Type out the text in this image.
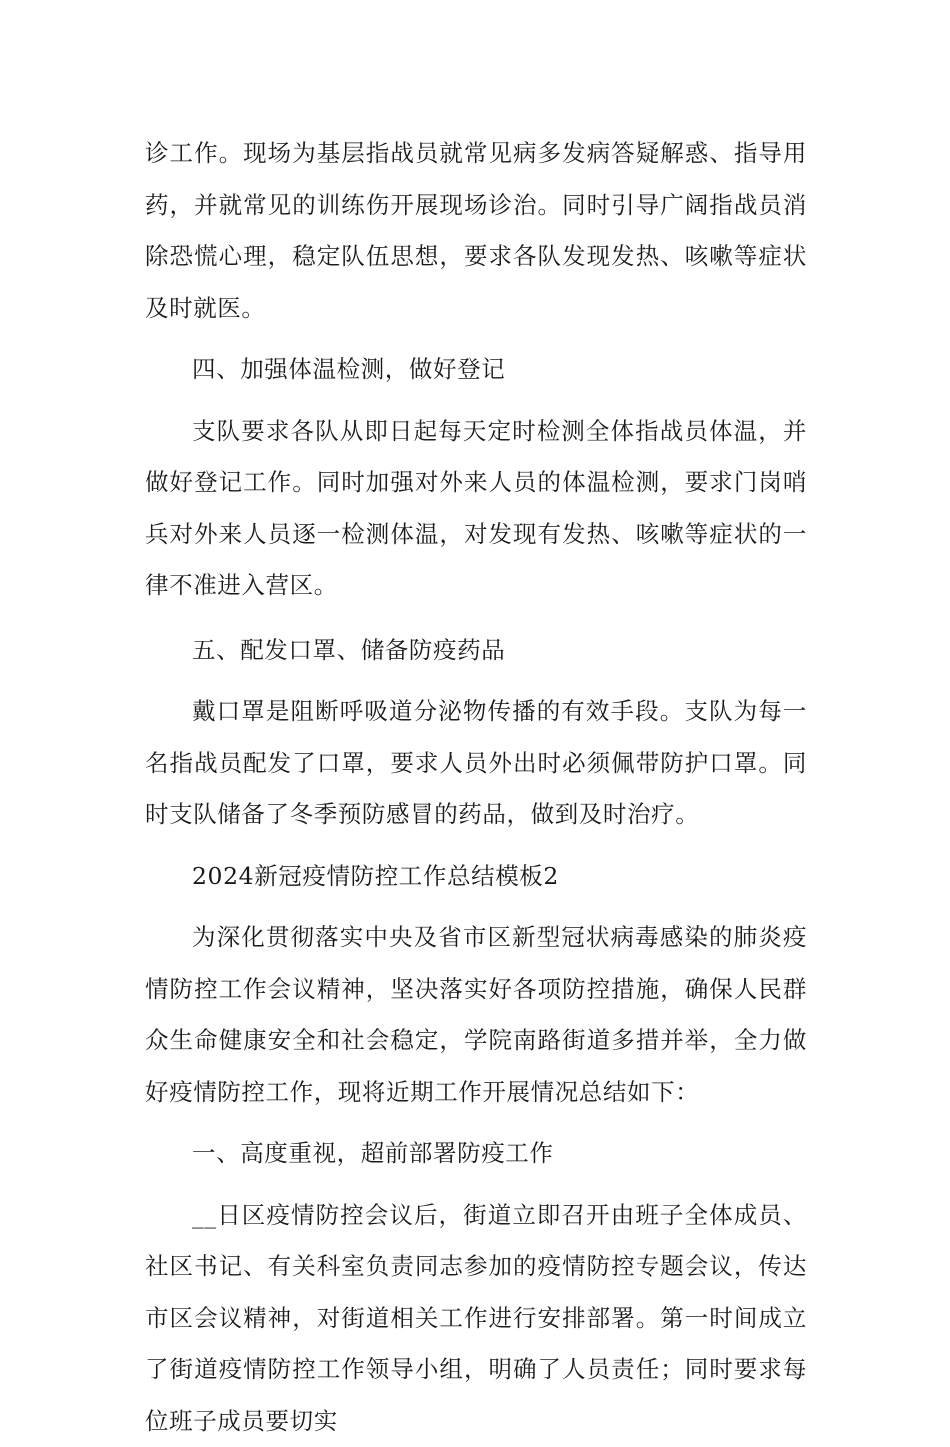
诊工作。现场为基层指战员就常见病多发病答疑解惑、指导用药，并就常见的训练伤开展现场诊治。同时引导广阔指战员消除恐慌心理，稳定队伍思想，要求各队发现发热、咳嗽等症状及时就医。

四、加强体温检测，做好登记

支队要求各队从即日起每天定时检测全体指战员体温，并做好登记工作。同时加强对外来人员的体温检测，要求门岗哨兵对外来人员逐一检测体温，对发现有发热、咳嗽等症状的一律不准进入营区。

五、配发口罩、储备防疫药品

戴口罩是阻断呼吸道分泌物传播的有效手段。支队为每一名指战员配发了口罩，要求人员外出时必须佩带防护口罩。同时支队储备了冬季预防感冒的药品，做到及时治疗。

2024新冠疫情防控工作总结模板2

为深化贯彻落实中央及省市区新型冠状病毒感染的肺炎疫情防控工作会议精神，坚决落实好各项防控措施，确保人民群众生命健康安全和社会稳定，学院南路街道多措并举，全力做好疫情防控工作，现将近期工作开展情况总结如下：

一、高度重视，超前部署防疫工作

__日区疫情防控会议后，街道立即召开由班子全体成员、社区书记、有关科室负责同志参加的疫情防控专题会议，传达市区会议精神，对街道相关工作进行安排部署。第一时间成立了街道疫情防控工作领导小组，明确了人员责任；同时要求每位班子成员要切实
